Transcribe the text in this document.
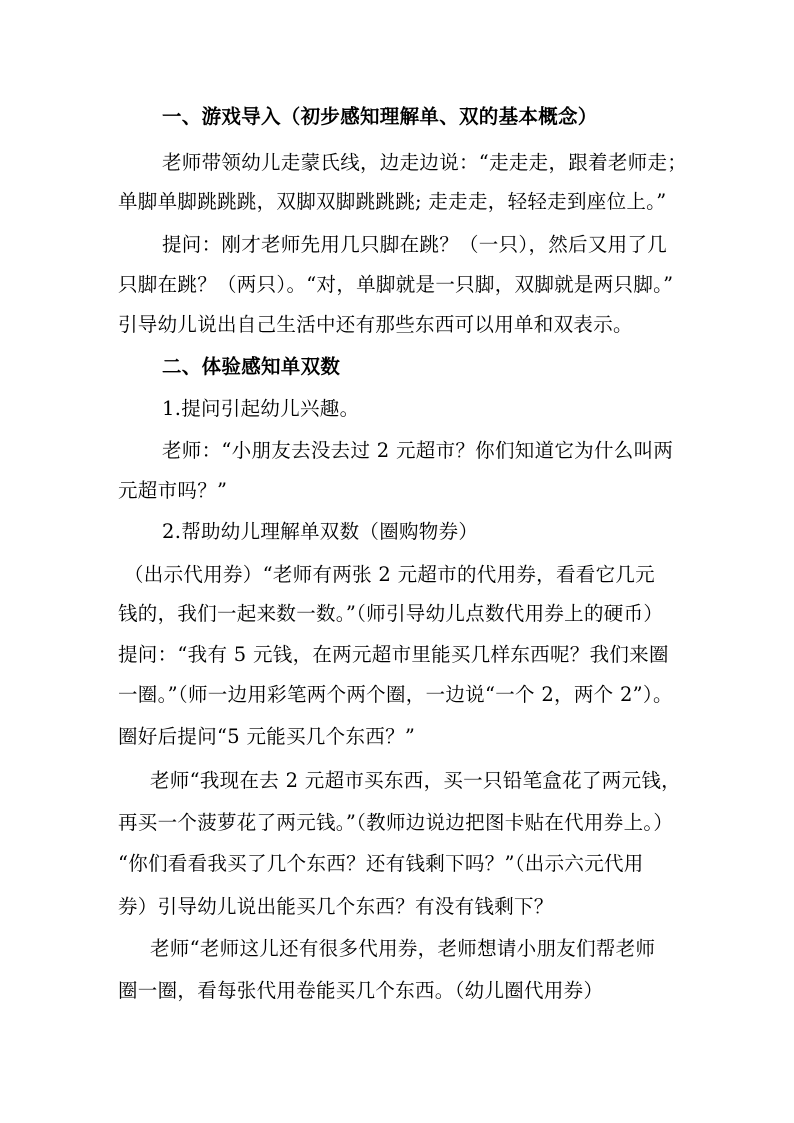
一、游戏导入（初步感知理解单、双的基本概念）
老师带领幼儿走蒙氏线，边走边说：“走走走，跟着老师走；
单脚单脚跳跳跳，双脚双脚跳跳跳; 走走走，轻轻走到座位上。”
提问：刚才老师先用几只脚在跳？（一只），然后又用了几
只脚在跳？（两只）。“对，单脚就是一只脚，双脚就是两只脚。”
引导幼儿说出自己生活中还有那些东西可以用单和双表示。
二、体验感知单双数
1.提问引起幼儿兴趣。
老师：“小朋友去没去过 2 元超市？你们知道它为什么叫两
元超市吗？”
2.帮助幼儿理解单双数（圈购物券）
（出示代用券）“老师有两张 2 元超市的代用券，看看它几元
钱的，我们一起来数一数。”（师引导幼儿点数代用券上的硬币）
提问：“我有 5 元钱，在两元超市里能买几样东西呢？我们来圈
一圈。”（师一边用彩笔两个两个圈，一边说“一个 2，两个 2”）。
圈好后提问“5 元能买几个东西？”
老师“我现在去 2 元超市买东西，买一只铅笔盒花了两元钱，
再买一个菠萝花了两元钱。”（教师边说边把图卡贴在代用券上。）
“你们看看我买了几个东西？还有钱剩下吗？”（出示六元代用
券）引导幼儿说出能买几个东西？有没有钱剩下？
老师“老师这儿还有很多代用券，老师想请小朋友们帮老师
圈一圈，看每张代用卷能买几个东西。（幼儿圈代用券）
